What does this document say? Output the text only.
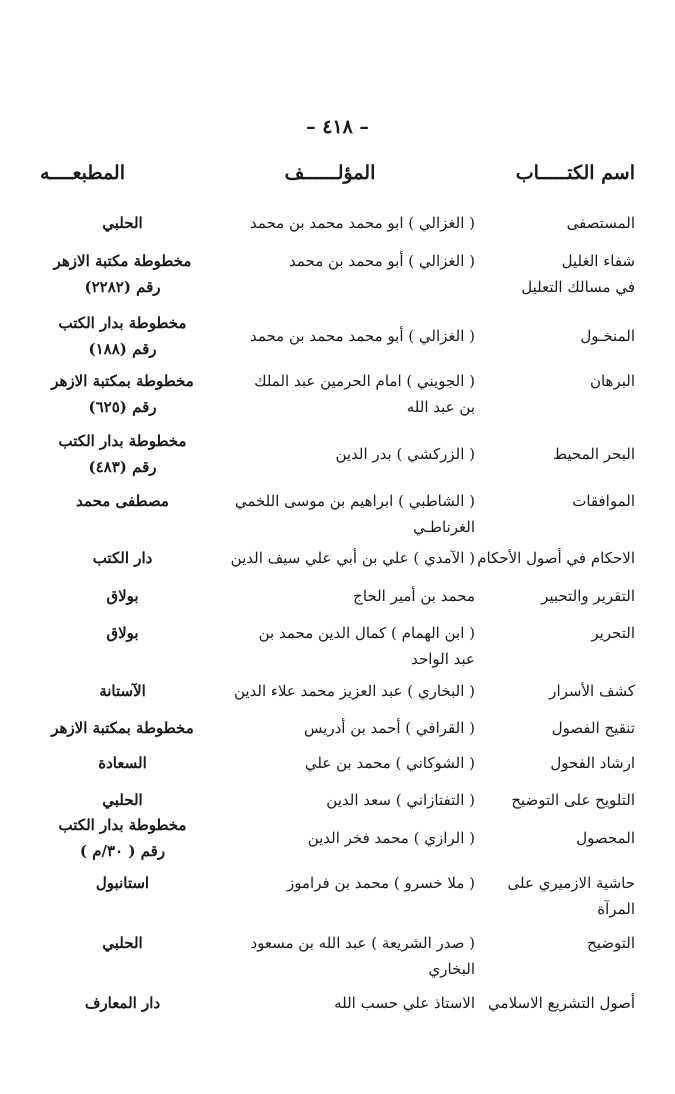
– ٤١٨ –
اسم الكتـــــاب
المؤلــــــف
المطبعــــه
المستصفى
( الغزالي ) ابو محمد محمد بن محمد
الحلبي
شفاء الغليل
في مسالك التعليل
( الغزالي ) أبو محمد بن محمد
مخطوطة مكتبة الازهر
رقم (٢٢٨٢)
المنخـول
( الغزالي ) أبو محمد محمد بن محمد
مخطوطة بدار الكتب
رقم (١٨٨)
البرهان
( الجويني ) امام الحرمين عبد الملك
بن عبد الله
مخطوطة بمكتبة الازهر
رقم (٦٢٥)
البحر المحيط
( الزركشي ) بدر الدين
مخطوطة بدار الكتب
رقم (٤٨٣)
الموافقات
( الشاطبي ) ابراهيم بن موسى اللخمي
الغرناطـي
مصطفى محمد
الاحكام في أصول الأحكام
( الآمدي ) علي بن أبي علي سيف الدين
دار الكتب
التقرير والتحبير
محمد بن أمير الحاج
بولاق
التحرير
( ابن الهمام ) كمال الدين محمد بن
عبد الواحد
بولاق
كشف الأسرار
( البخاري ) عبد العزيز محمد علاء الدين
الآستانة
تنقيح الفصول
( القرافي ) أحمد بن أدريس
مخطوطة بمكتبة الازهر
ارشاد الفحول
( الشوكاني ) محمد بن علي
السعادة
التلويح على التوضيح
( التفتازاني ) سعد الدين
الحلبي
المحصول
( الرازي ) محمد فخر الدين
مخطوطة بدار الكتب
رقم ( ٣٠/م )
حاشية الازميري على
المرآة
( ملا خسرو ) محمد بن فراموز
استانبول
التوضيح
( صدر الشريعة ) عبد الله بن مسعود
البخاري
الحلبي
أصول التشريع الاسلامي
الاستاذ علي حسب الله
دار المعارف
